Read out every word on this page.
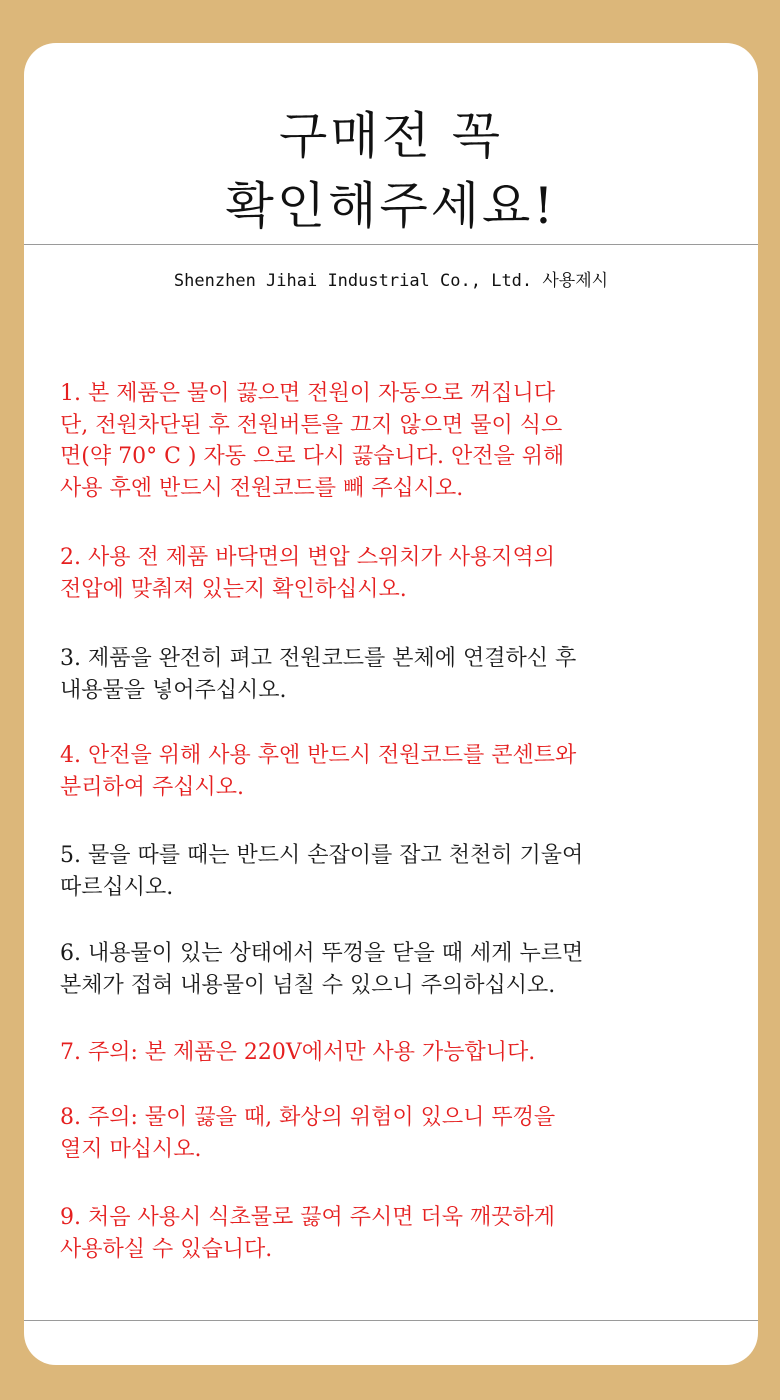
구매전 꼭
확인해주세요!
Shenzhen Jihai Industrial Co., Ltd. 사용제시

1. 본 제품은 물이 끓으면 전원이 자동으로 꺼집니다
단, 전원차단된 후 전원버튼을 끄지 않으면 물이 식으
면(약 70° C ) 자동 으로 다시 끓습니다. 안전을 위해
사용 후엔 반드시 전원코드를 빼 주십시오.

2. 사용 전 제품 바닥면의 변압 스위치가 사용지역의
전압에 맞춰져 있는지 확인하십시오.

3. 제품을 완전히 펴고 전원코드를 본체에 연결하신 후
내용물을 넣어주십시오.

4. 안전을 위해 사용 후엔 반드시 전원코드를 콘센트와
분리하여 주십시오.

5. 물을 따를 때는 반드시 손잡이를 잡고 천천히 기울여
따르십시오.

6. 내용물이 있는 상태에서 뚜껑을 닫을 때 세게 누르면
본체가 접혀 내용물이 넘칠 수 있으니 주의하십시오.

7. 주의: 본 제품은 220V에서만 사용 가능합니다.

8. 주의: 물이 끓을 때, 화상의 위험이 있으니 뚜껑을
열지 마십시오.

9. 처음 사용시 식초물로 끓여 주시면 더욱 깨끗하게
사용하실 수 있습니다.
